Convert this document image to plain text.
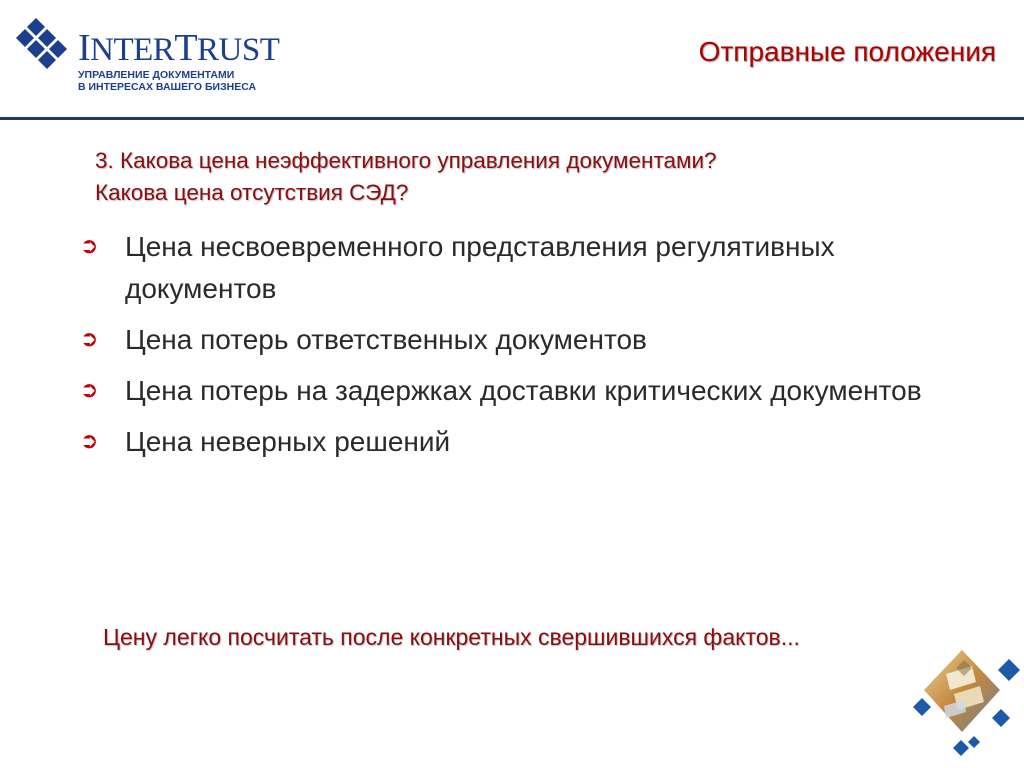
INTERTRUST
УПРАВЛЕНИЕ ДОКУМЕНТАМИ
В ИНТЕРЕСАХ ВАШЕГО БИЗНЕСА
Отправные положения
3. Какова цена неэффективного управления документами?
Какова цена отсутствия СЭД?
➲ Цена несвоевременного представления регулятивных документов
➲ Цена потерь ответственных документов
➲ Цена потерь на задержках доставки критических документов
➲ Цена неверных решений
Цену легко посчитать после конкретных свершившихся фактов...
